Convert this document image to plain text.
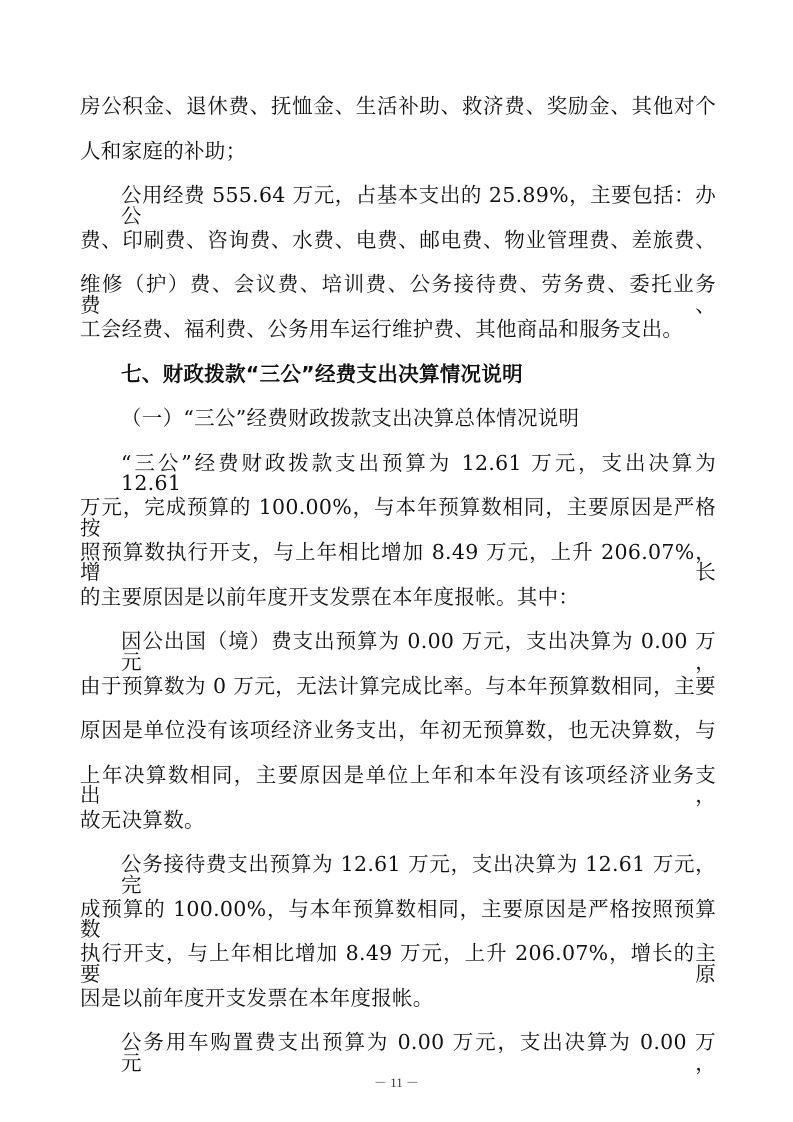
房公积金、退休费、抚恤金、生活补助、救济费、奖励金、其他对个
人和家庭的补助；
公用经费 555.64 万元，占基本支出的 25.89%，主要包括：办公
费、印刷费、咨询费、水费、电费、邮电费、物业管理费、差旅费、
维修（护）费、会议费、培训费、公务接待费、劳务费、委托业务费、
工会经费、福利费、公务用车运行维护费、其他商品和服务支出。
七、财政拨款“三公”经费支出决算情况说明
（一）“三公”经费财政拨款支出决算总体情况说明
“三公”经费财政拨款支出预算为 12.61 万元，支出决算为 12.61
万元，完成预算的 100.00%，与本年预算数相同，主要原因是严格按
照预算数执行开支，与上年相比增加 8.49 万元，上升 206.07%，增长
的主要原因是以前年度开支发票在本年度报帐。其中：
因公出国（境）费支出预算为 0.00 万元，支出决算为 0.00 万元，
由于预算数为 0 万元，无法计算完成比率。与本年预算数相同，主要
原因是单位没有该项经济业务支出，年初无预算数，也无决算数，与
上年决算数相同，主要原因是单位上年和本年没有该项经济业务支出，
故无决算数。
公务接待费支出预算为 12.61 万元，支出决算为 12.61 万元，完
成预算的 100.00%，与本年预算数相同，主要原因是严格按照预算数
执行开支，与上年相比增加 8.49 万元，上升 206.07%，增长的主要原
因是以前年度开支发票在本年度报帐。
公务用车购置费支出预算为 0.00 万元，支出决算为 0.00 万元，
－ 11 －
